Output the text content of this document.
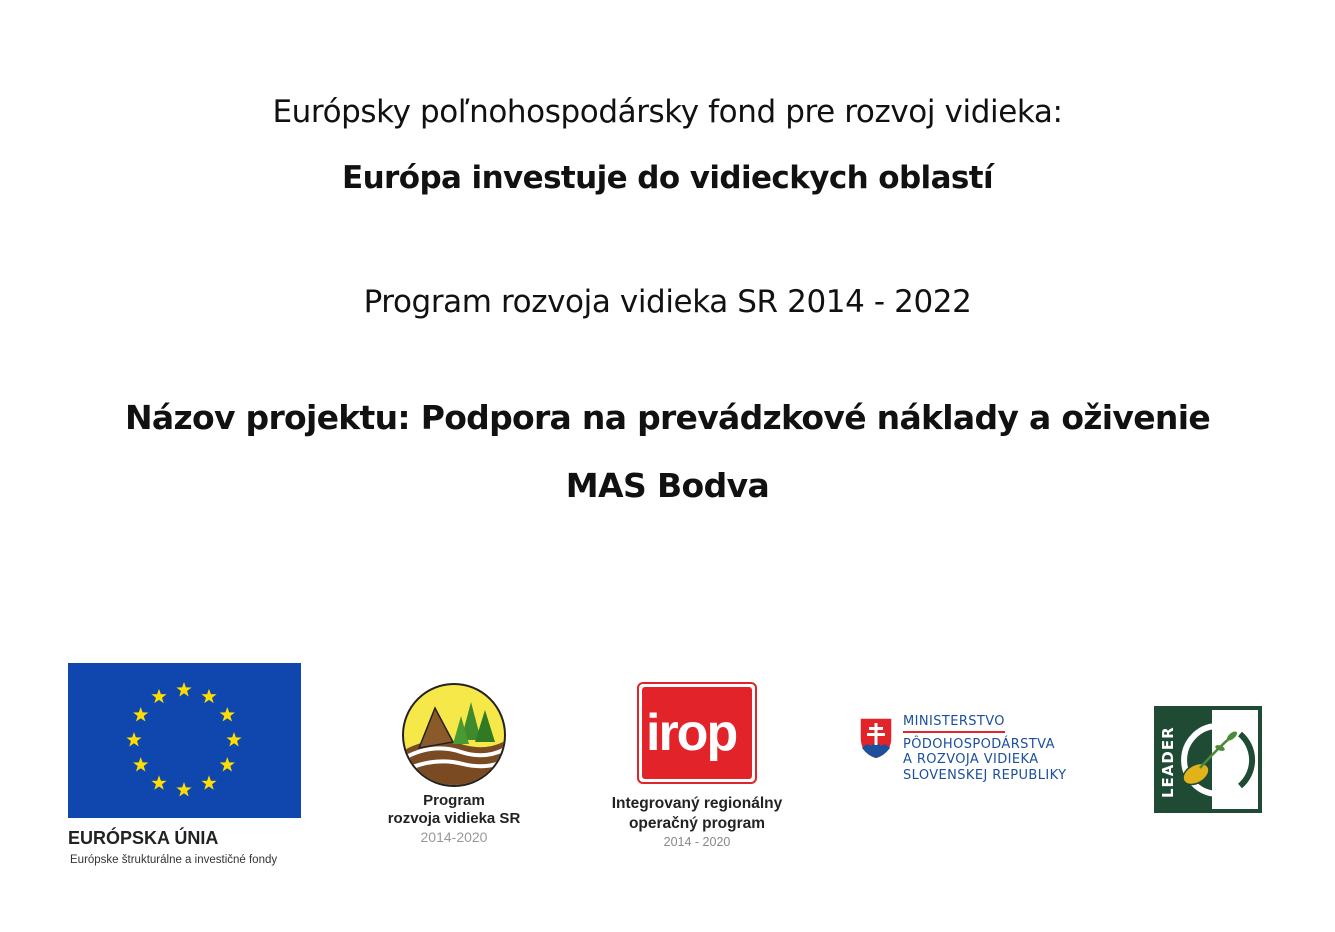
Európsky poľnohospodársky fond pre rozvoj vidieka:
Európa investuje do vidieckych oblastí
Program rozvoja vidieka SR 2014 - 2022
Názov projektu: Podpora na prevádzkové náklady a oživenie
MAS Bodva
EURÓPSKA ÚNIA
Európske štrukturálne a investičné fondy
Program
rozvoja vidieka SR
2014-2020
irop
Integrovaný regionálny
operačný program
2014 - 2020
MINISTERSTVO
PÔDOHOSPODÁRSTVA
A ROZVOJA VIDIEKA
SLOVENSKEJ REPUBLIKY	LEADER
